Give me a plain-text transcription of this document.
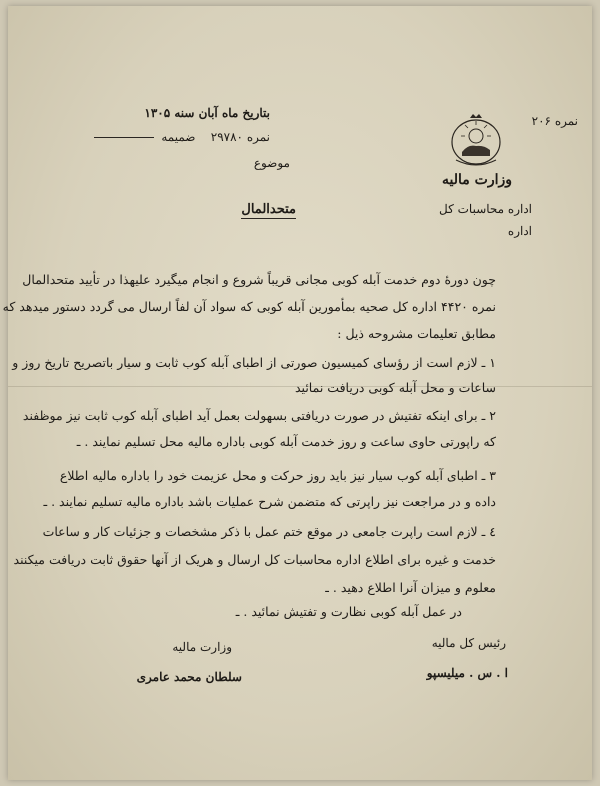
نمره ۲۰۶
وزارت مالیه
اداره محاسبات کل
اداره
بتاریخ ماه آبان سنه ۱۳۰۵
نمره ۲۹۷۸۰    ضمیمه
موضوع
متحدالمال
چون دورهٔ دوم خدمت آبله کوبی مجانی قریباً شروع و انجام میگیرد علیهذا در تأیید متحدالمال
نمره ۴۴۲۰ اداره کل صحیه بمأمورین آبله کوبی که سواد آن لفاً ارسال می گردد دستور میدهد که
مطابق تعلیمات مشروحه ذیل :
۱ ـ لازم است از رؤسای کمیسیون صورتی از اطبای آبله کوب ثابت و سیار باتصریح تاریخ روز و
ساعات و محل آبله کوبی دریافت نمائید
۲ ـ برای اینکه تفتیش در صورت دریافتی بسهولت بعمل آید اطبای آبله کوب ثابت نیز موظفند
که راپورتی حاوی ساعت و روز خدمت آبله کوبی باداره مالیه محل تسلیم نمایند . ـ
۳ ـ اطبای آبله کوب سیار نیز باید روز حرکت و محل عزیمت خود را باداره مالیه اطلاع
داده و در مراجعت نیز راپرتی که متضمن شرح عملیات باشد باداره مالیه تسلیم نمایند . ـ
٤ ـ لازم است راپرت جامعی در موقع ختم عمل با ذکر مشخصات و جزئیات کار و ساعات
خدمت و غیره برای اطلاع اداره محاسبات کل ارسال و هریک از آنها حقوق ثابت دریافت میکنند
معلوم و میزان آنرا اطلاع دهید . ـ
در عمل آبله کوبی نظارت و تفتیش نمائید . ـ
رئیس کل مالیه
ا . س . میلیسپو
وزارت مالیه
سلطان محمد عامری
